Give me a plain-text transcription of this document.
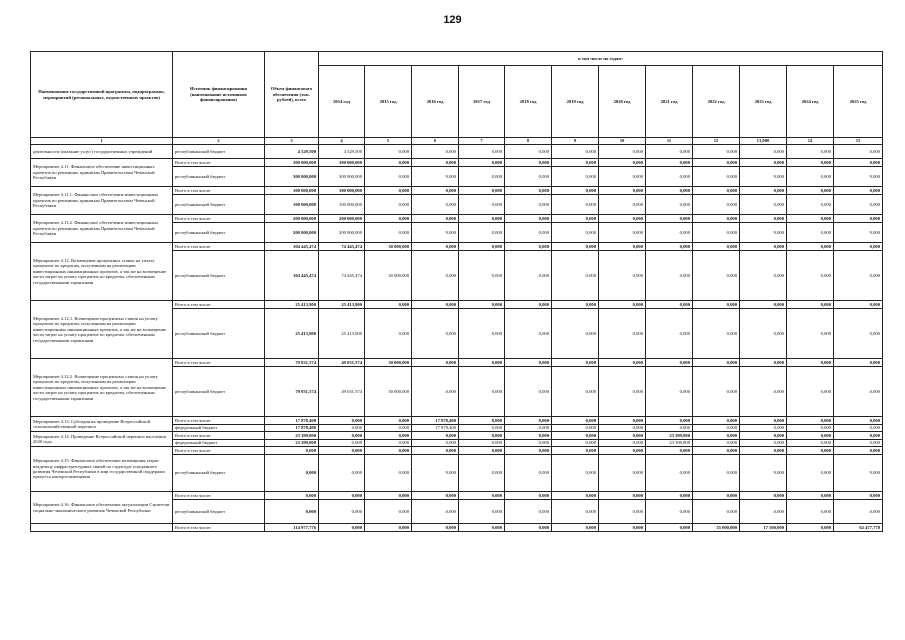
129
Наименование государственной программы, подпрограммы, мероприятий (региональных, ведомственных проектов)	Источник финансирования (наименование источников финансирования)	Объем финансового обеспечения (тыс. рублей), всего	в том числе по годам:											
			2014 год	2015 год	2016 год	2017 год	2018 год	2019 год	2020 год	2021 год	2022 год	2023 год	2024 год	2025 год
1	2	3	4	5	6	7	8	9	10	11	12	13,000	14	15
деятельности (оказание услуг) государственных учреждений	республиканский бюджет	4 529,500	4 529,500	0,000	0,000	0,000	0,000	0,000	0,000	0,000	0,000	0,000	0,000	0,000
Мероприятие 4.11. Финансовое обеспечение инвестиционных проектов по решениям, принятым Правительством Чеченской Республики	Всего в том числе:	300 000,000	300 000,000	0,000	0,000	0,000	0,000	0,000	0,000	0,000	0,000	0,000	0,000	0,000
	республиканский бюджет	300 000,000	300 000,000	0,000	0,000	0,000	0,000	0,000	0,000	0,000	0,000	0,000	0,000	0,000
Мероприятие 4.11.1. Финансовое обеспечение инвестиционных проектов по решениям, принятым Правительством Чеченской Республики	Всего в том числе:	100 000,000	100 000,000	0,000	0,000	0,000	0,000	0,000	0,000	0,000	0,000	0,000	0,000	0,000
	республиканский бюджет	100 000,000	100 000,000	0,000	0,000	0,000	0,000	0,000	0,000	0,000	0,000	0,000	0,000	0,000
Мероприятие 4.11.2. Финансовое обеспечение инвестиционных проектов по решениям, принятым Правительством Чеченской Республики	Всего в том числе:	200 000,000	200 000,000	0,000	0,000	0,000	0,000	0,000	0,000	0,000	0,000	0,000	0,000	0,000
	республиканский бюджет	200 000,000	200 000,000	0,000	0,000	0,000	0,000	0,000	0,000	0,000	0,000	0,000	0,000	0,000
Мероприятие 4.12. Возмещение процентных ставок на уплату процентов по кредитам, полученным на реализацию инвестиционных инновационных проектов, а так же на возмещение части затрат на уплату процентов по кредитам, обеспеченным государственными гарантиями	Всего в том числе:	104 445,474	74 445,474	30 000,000	0,000	0,000	0,000	0,000	0,000	0,000	0,000	0,000	0,000	0,000
	республиканский бюджет	104 445,474	74 445,474	30 000,000	0,000	0,000	0,000	0,000	0,000	0,000	0,000	0,000	0,000	0,000
Мероприятие 4.12.1. Возмещение процентных ставок на уплату процентов по кредитам, полученным на реализацию инвестиционных инновационных проектов, а так же на возмещение части затрат на уплату процентов по кредитам, обеспеченным государственными гарантиями	Всего в том числе:	25 413,900	25 413,900	0,000	0,000	0,000	0,000	0,000	0,000	0,000	0,000	0,000	0,000	0,000
	республиканский бюджет	25 413,900	25 413,900	0,000	0,000	0,000	0,000	0,000	0,000	0,000	0,000	0,000	0,000	0,000
Мероприятие 4.12.2. Возмещение процентных ставок на уплату процентов по кредитам, полученным на реализацию инвестиционных инновационных проектов, а так же на возмещение части затрат на уплату процентов по кредитам, обеспеченным государственными гарантиями	Всего в том числе:	79 031,574	49 031,574	30 000,000	0,000	0,000	0,000	0,000	0,000	0,000	0,000	0,000	0,000	0,000
	республиканский бюджет	79 031,574	49 031,574	30 000,000	0,000	0,000	0,000	0,000	0,000	0,000	0,000	0,000	0,000	0,000
Мероприятие 4.13. Субсидия на проведение Всероссийской сельскохозяйственной переписи	Всего в том числе:	17 878,400	0,000	0,000	17 878,400	0,000	0,000	0,000	0,000	0,000	0,000	0,000	0,000	0,000
	федеральный бюджет	17 878,400	0,000	0,000	17 878,400	0,000	0,000	0,000	0,000	0,000	0,000	0,000	0,000	0,000
Мероприятие 4.14. Проведение Всероссийской переписи населения 2020 года	Всего в том числе:	23 399,800	0,000	0,000	0,000	0,000	0,000	0,000	0,000	23 399,800	0,000	0,000	0,000	0,000
	федеральный бюджет	23 399,800	0,000	0,000	0,000	0,000	0,000	0,000	0,000	23 399,800	0,000	0,000	0,000	0,000
Мероприятие 4.15. Финансовое обеспечение возмещения затрат владельцу инфраструктурных связей по структуре ускоренного развития Чеченской Республики в мир государственной поддержки процесса импортозамещения	Всего в том числе:	0,000	0,000	0,000	0,000	0,000	0,000	0,000	0,000	0,000	0,000	0,000	0,000	0,000
	республиканский бюджет	0,000	0,000	0,000	0,000	0,000	0,000	0,000	0,000	0,000	0,000	0,000	0,000	0,000
Мероприятие 4.16. Финансовое обеспечение актуализации Стратегии социально-экономического развития Чеченской Республики	Всего в том числе:	0,000	0,000	0,000	0,000	0,000	0,000	0,000	0,000	0,000	0,000	0,000	0,000	0,000
	республиканский бюджет	0,000	0,000	0,000	0,000	0,000	0,000	0,000	0,000	0,000	0,000	0,000	0,000	0,000
	Всего в том числе:	114 977,776	0,000	0,000	0,000	0,000	0,000	0,000	0,000	0,000	35 000,000	17 500,000	0,000	62 477,778
